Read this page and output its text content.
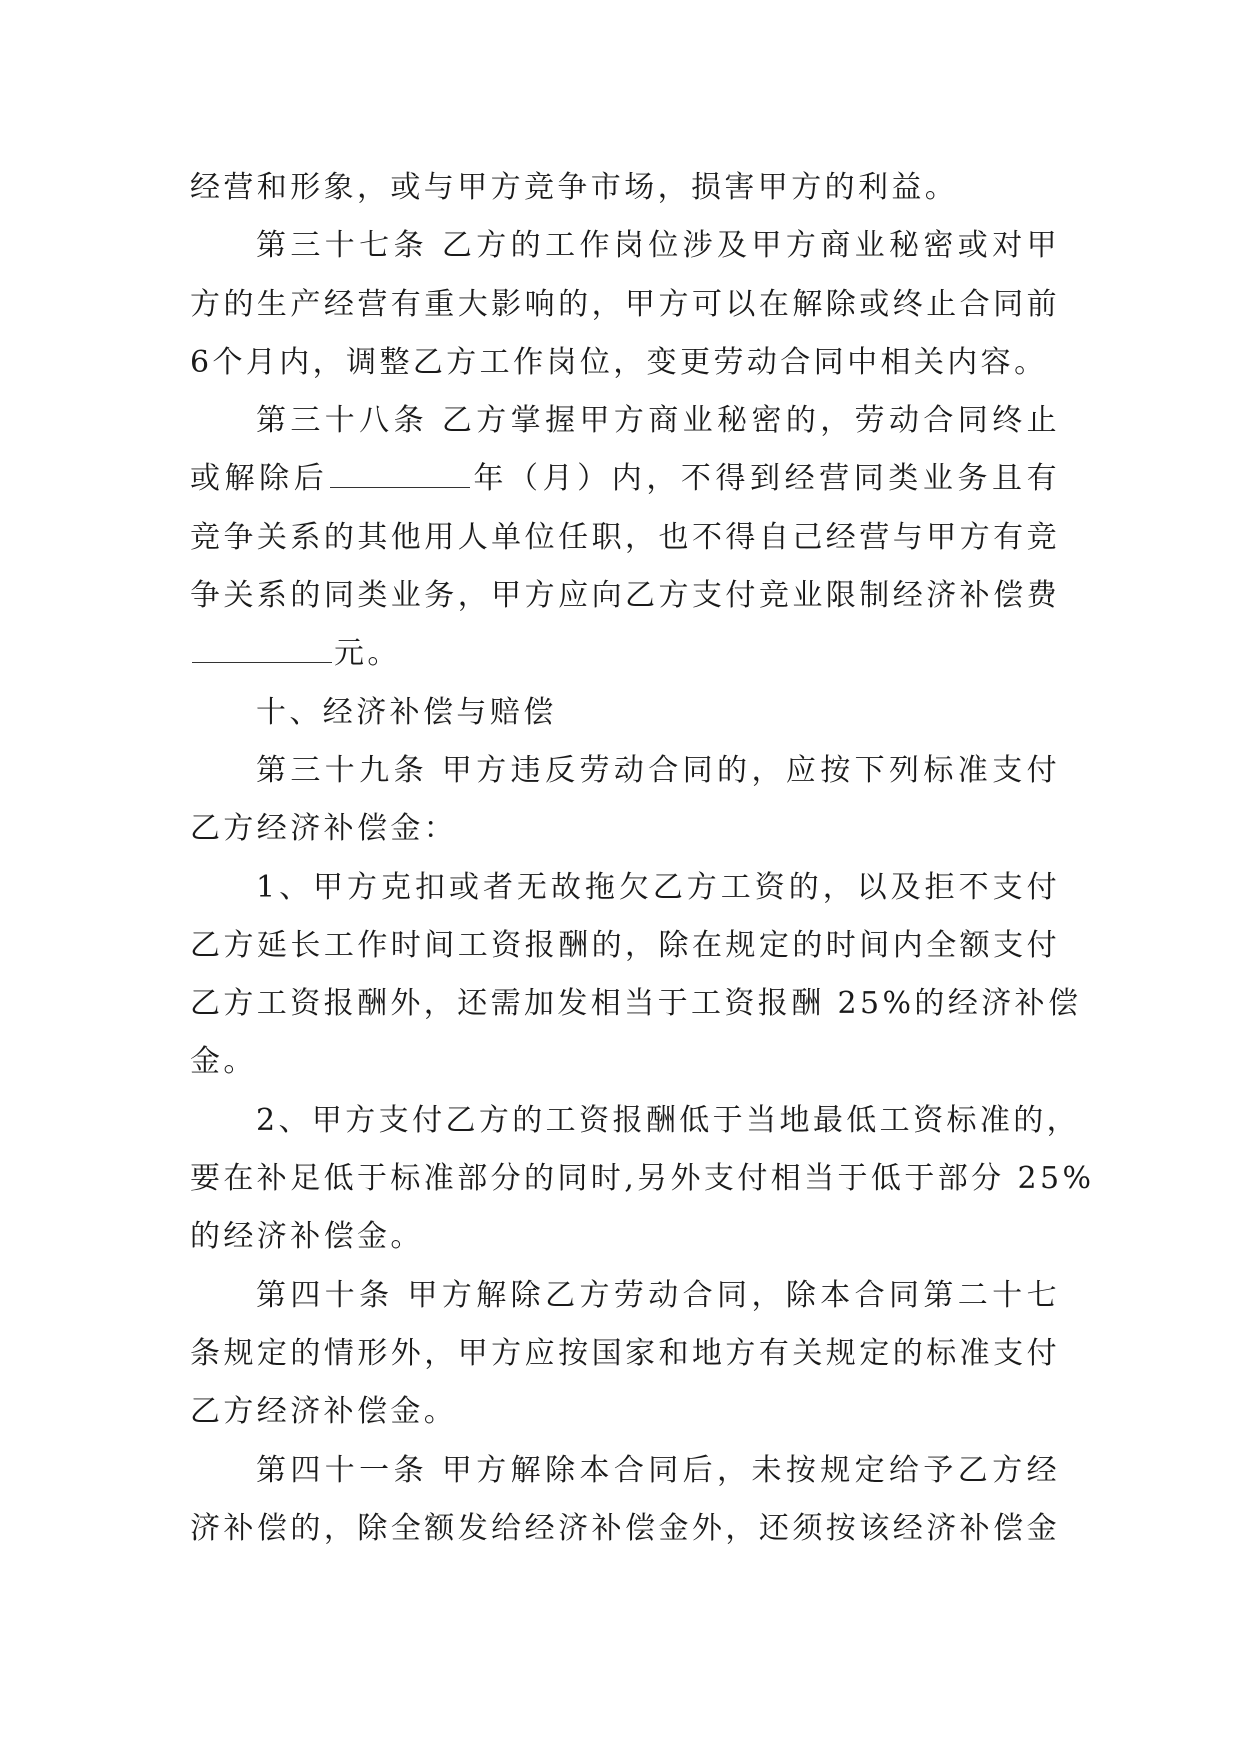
经营和形象，或与甲方竞争市场，损害甲方的利益。
第三十七条 乙方的工作岗位涉及甲方商业秘密或对甲
方的生产经营有重大影响的，甲方可以在解除或终止合同前
6个月内，调整乙方工作岗位，变更劳动合同中相关内容。
第三十八条 乙方掌握甲方商业秘密的，劳动合同终止
或解除后	年（月）内，不得到经营同类业务且有
竞争关系的其他用人单位任职，也不得自己经营与甲方有竞
争关系的同类业务，甲方应向乙方支付竞业限制经济补偿费
元。
十、经济补偿与赔偿
第三十九条 甲方违反劳动合同的，应按下列标准支付
乙方经济补偿金：
1、甲方克扣或者无故拖欠乙方工资的，以及拒不支付
乙方延长工作时间工资报酬的，除在规定的时间内全额支付
乙方工资报酬外，还需加发相当于工资报酬 25%的经济补偿
金。
2、甲方支付乙方的工资报酬低于当地最低工资标准的，
要在补足低于标准部分的同时,另外支付相当于低于部分 25%
的经济补偿金。
第四十条 甲方解除乙方劳动合同，除本合同第二十七
条规定的情形外，甲方应按国家和地方有关规定的标准支付
乙方经济补偿金。
第四十一条 甲方解除本合同后，未按规定给予乙方经
济补偿的，除全额发给经济补偿金外，还须按该经济补偿金
